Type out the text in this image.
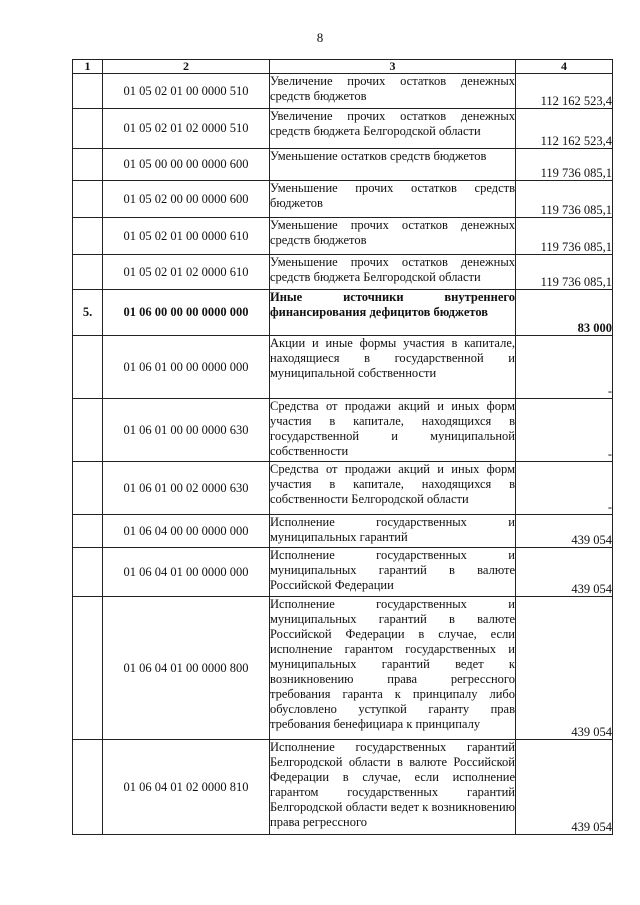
8
1	2	3	4
	01 05 02 01 00 0000 510	Увеличение прочих остатков денежных средств бюджетов	112 162 523,4
	01 05 02 01 02 0000 510	Увеличение прочих остатков денежных средств бюджета Белгородской области	112 162 523,4
	01 05 00 00 00 0000 600	Уменьшение остатков средств бюджетов	119 736 085,1
	01 05 02 00 00 0000 600	Уменьшение прочих остатков средств бюджетов	119 736 085,1
	01 05 02 01 00 0000 610	Уменьшение прочих остатков денежных средств бюджетов	119 736 085,1
	01 05 02 01 02 0000 610	Уменьшение прочих остатков денежных средств бюджета Белгородской области	119 736 085,1
5.	01 06 00 00 00 0000 000	Иные источники внутреннего финансирования дефицитов бюджетов	83 000
	01 06 01 00 00 0000 000	Акции и иные формы участия в капитале, находящиеся в государственной и муниципальной собственности	-
	01 06 01 00 00 0000 630	Средства от продажи акций и иных форм участия в капитале, находящихся в государственной и муниципальной собственности	-
	01 06 01 00 02 0000 630	Средства от продажи акций и иных форм участия в капитале, находящихся в собственности Белгородской области	-
	01 06 04 00 00 0000 000	Исполнение государственных и муниципальных гарантий	439 054
	01 06 04 01 00 0000 000	Исполнение государственных и муниципальных гарантий в валюте Российской Федерации	439 054
	01 06 04 01 00 0000 800	Исполнение государственных и муниципальных гарантий в валюте Российской Федерации в случае, если исполнение гарантом государственных и муниципальных гарантий ведет к возникновению права регрессного требования гаранта к принципалу либо обусловлено уступкой гаранту прав требования бенефициара к принципалу	439 054
	01 06 04 01 02 0000 810	Исполнение государственных гарантий Белгородской области в валюте Российской Федерации в случае, если исполнение гарантом государственных гарантий Белгородской области ведет к возникновению права регрессного	439 054
